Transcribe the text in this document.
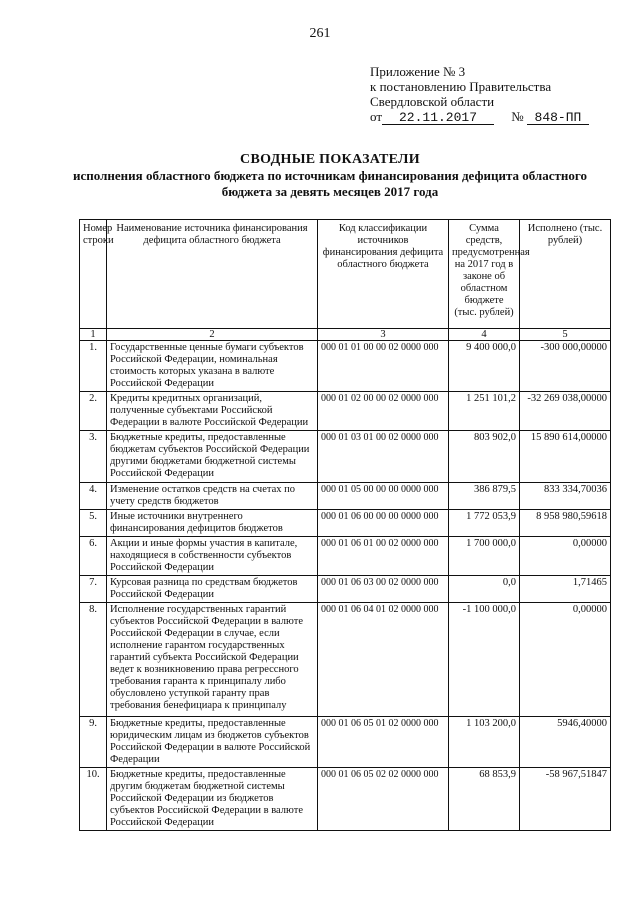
261
Приложение № 3
к постановлению Правительства
Свердловской области
от 22.11.2017	№ 848-ПП
СВОДНЫЕ ПОКАЗАТЕЛИ
исполнения областного бюджета по источникам финансирования дефицита областного
бюджета за девять месяцев 2017 года
Номер строки	Наименование источника финансирования дефицита областного бюджета	Код классификации источников финансирования дефицита областного бюджета	Сумма средств, предусмотренная на 2017 год в законе об областном бюджете (тыс. рублей)	Исполнено (тыс. рублей)
1	2	3	4	5
1.	Государственные ценные бумаги субъектов Российской Федерации, номинальная стоимость которых указана в валюте Российской Федерации	000 01 01 00 00 02 0000 000	9 400 000,0	-300 000,00000
2.	Кредиты кредитных организаций, полученные субъектами Российской Федерации в валюте Российской Федерации	000 01 02 00 00 02 0000 000	1 251 101,2	-32 269 038,00000
3.	Бюджетные кредиты, предоставленные бюджетам субъектов Российской Федерации другими бюджетами бюджетной системы Российской Федерации	000 01 03 01 00 02 0000 000	803 902,0	15 890 614,00000
4.	Изменение остатков средств на счетах по учету средств бюджетов	000 01 05 00 00 00 0000 000	386 879,5	833 334,70036
5.	Иные источники внутреннего финансирования дефицитов бюджетов	000 01 06 00 00 00 0000 000	1 772 053,9	8 958 980,59618
6.	Акции и иные формы участия в капитале, находящиеся в собственности субъектов Российской Федерации	000 01 06 01 00 02 0000 000	1 700 000,0	0,00000
7.	Курсовая разница по средствам бюджетов Российской Федерации	000 01 06 03 00 02 0000 000	0,0	1,71465
8.	Исполнение государственных гарантий субъектов Российской Федерации в валюте Российской Федерации в случае, если исполнение гарантом государственных гарантий субъекта Российской Федерации ведет к возникновению права регрессного требования гаранта к принципалу либо обусловлено уступкой гаранту прав требования бенефициара к принципалу	000 01 06 04 01 02 0000 000	-1 100 000,0	0,00000
9.	Бюджетные кредиты, предоставленные юридическим лицам из бюджетов субъектов Российской Федерации в валюте Российской Федерации	000 01 06 05 01 02 0000 000	1 103 200,0	5946,40000
10.	Бюджетные кредиты, предоставленные другим бюджетам бюджетной системы Российской Федерации из бюджетов субъектов Российской Федерации в валюте Российской Федерации	000 01 06 05 02 02 0000 000	68 853,9	-58 967,51847
